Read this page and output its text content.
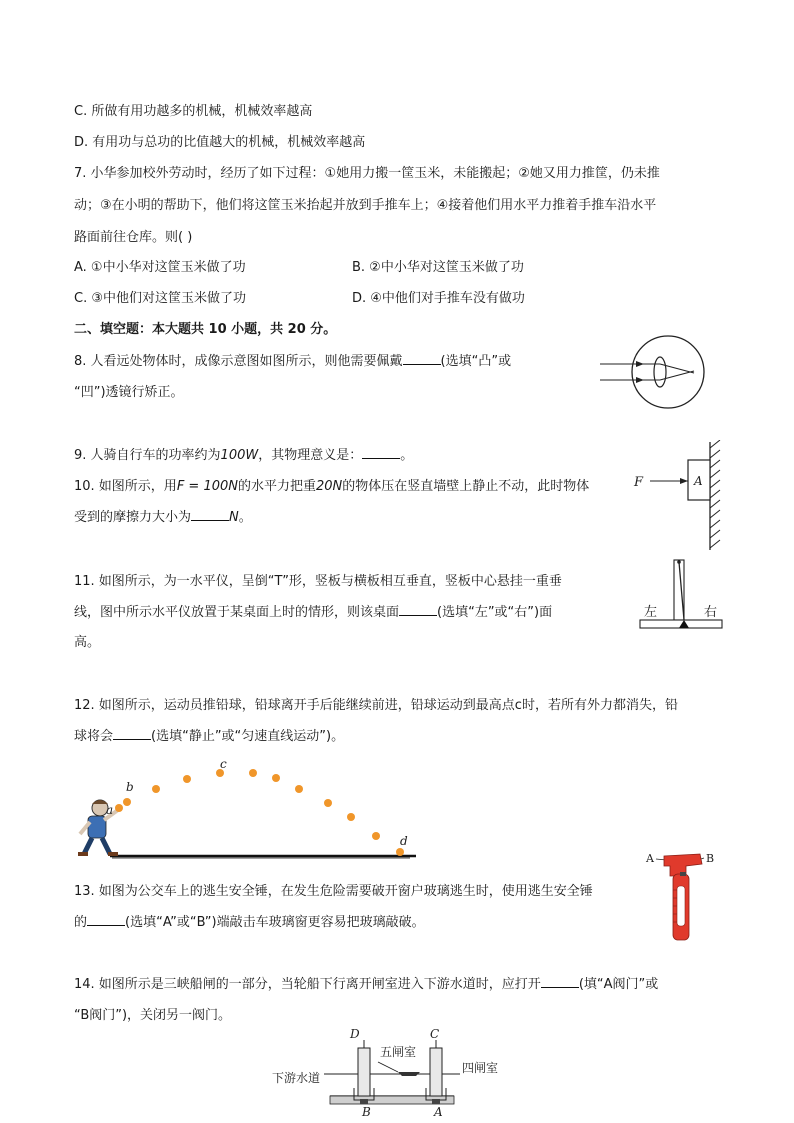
C. 所做有用功越多的机械，机械效率越高
D. 有用功与总功的比值越大的机械，机械效率越高
7. 小华参加校外劳动时，经历了如下过程：①她用力搬一筐玉米，未能搬起；②她又用力推筐，仍未推
动；③在小明的帮助下，他们将这筐玉米抬起并放到手推车上；④接着他们用水平力推着手推车沿水平
路面前往仓库。则( )
A. ①中小华对这筐玉米做了功	B. ②中小华对这筐玉米做了功
C. ③中他们对这筐玉米做了功	D. ④中他们对手推车没有做功
二、填空题：本大题共 10 小题，共 20 分。
8. 人看远处物体时，成像示意图如图所示，则他需要佩戴	(选填“凸”或
“凹”)透镜行矫正。
9. 人骑自行车的功率约为100W，其物理意义是：	。
10. 如图所示，用F = 100N的水平力把重20N的物体压在竖直墙壁上静止不动，此时物体
受到的摩擦力大小为	N。
F	A
11. 如图所示，为一水平仪，呈倒“T”形，竖板与横板相互垂直，竖板中心悬挂一重垂
线，图中所示水平仪放置于某桌面上时的情形，则该桌面	(选填“左”或“右”)面
高。
左	右
12. 如图所示，运动员推铅球，铅球离开手后能继续前进，铅球运动到最高点c时，若所有外力都消失，铅
球将会	(选填“静止”或“匀速直线运动”)。
a
b
c
d
13. 如图为公交车上的逃生安全锤，在发生危险需要破开窗户玻璃逃生时，使用逃生安全锤
的	(选填“A”或“B”)端敲击车玻璃窗更容易把玻璃敲破。
A	B
14. 如图所示是三峡船闸的一部分，当轮船下行离开闸室进入下游水道时，应打开	(填“A阀门”或
“B阀门”)，关闭另一阀门。
D	C
五闸室
四闸室
下游水道
B	A
